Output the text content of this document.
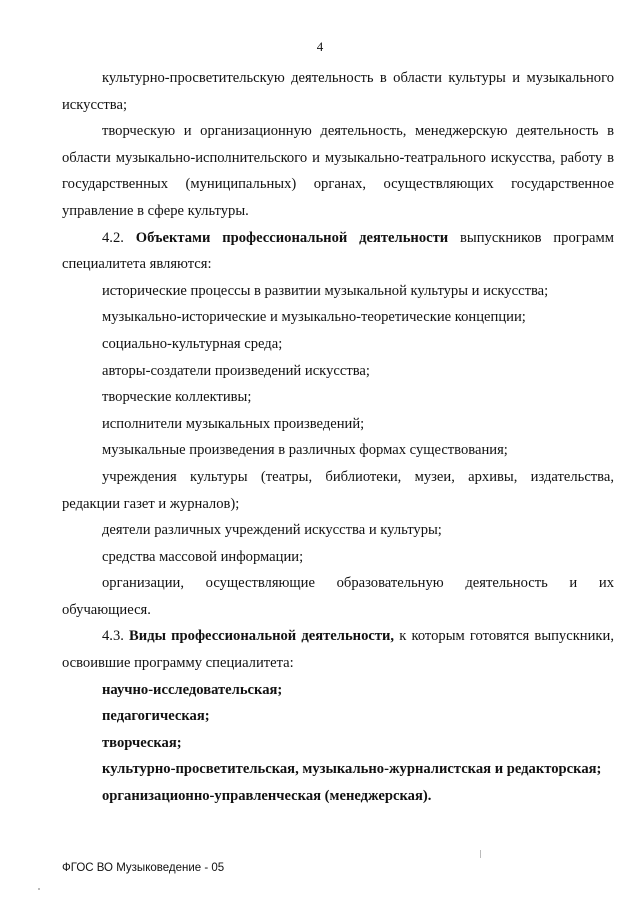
4

культурно-просветительскую деятельность в области культуры и музыкального искусства;

творческую и организационную деятельность, менеджерскую деятельность в области музыкально-исполнительского и музыкально-театрального искусства, работу в государственных (муниципальных) органах, осуществляющих государственное управление в сфере культуры.

4.2. Объектами профессиональной деятельности выпускников программ специалитета являются:

исторические процессы в развитии музыкальной культуры и искусства;

музыкально-исторические и музыкально-теоретические концепции;

социально-культурная среда;

авторы-создатели произведений искусства;

творческие коллективы;

исполнители музыкальных произведений;

музыкальные произведения в различных формах существования;

учреждения культуры (театры, библиотеки, музеи, архивы, издательства, редакции газет и журналов);

деятели различных учреждений искусства и культуры;

средства массовой информации;

организации, осуществляющие образовательную деятельность и их обучающиеся.

4.3. Виды профессиональной деятельности, к которым готовятся выпускники, освоившие программу специалитета:

научно-исследовательская;

педагогическая;

творческая;

культурно-просветительская, музыкально-журналистская и редакторская;

организационно-управленческая (менеджерская).

ФГОС ВО Музыковедение - 05
